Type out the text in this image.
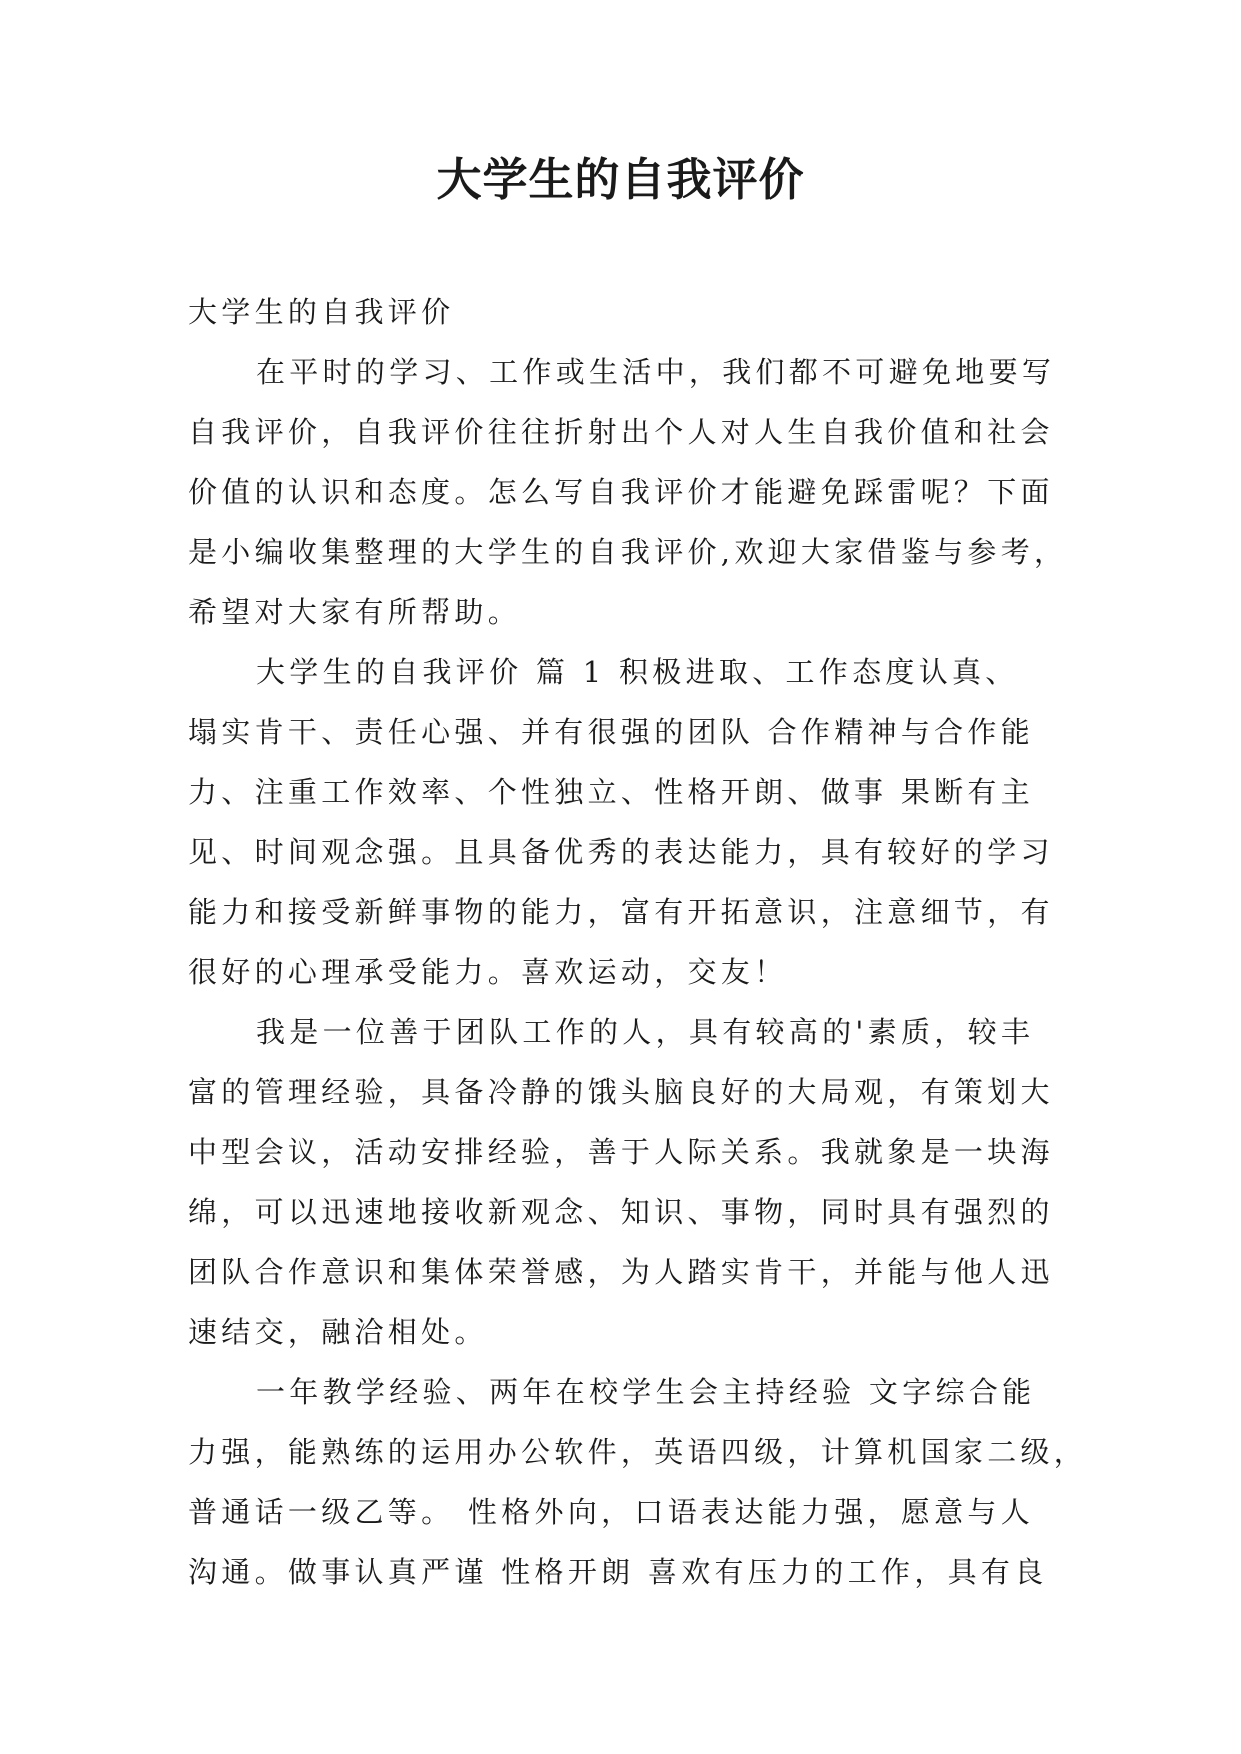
大学生的自我评价
大学生的自我评价
在平时的学习、工作或生活中，我们都不可避免地要写
自我评价，自我评价往往折射出个人对人生自我价值和社会
价值的认识和态度。怎么写自我评价才能避免踩雷呢？下面
是小编收集整理的大学生的自我评价,欢迎大家借鉴与参考，
希望对大家有所帮助。
大学生的自我评价 篇 1 积极进取、工作态度认真、
塌实肯干、责任心强、并有很强的团队 合作精神与合作能
力、注重工作效率、个性独立、性格开朗、做事 果断有主
见、时间观念强。且具备优秀的表达能力，具有较好的学习
能力和接受新鲜事物的能力，富有开拓意识，注意细节，有
很好的心理承受能力。喜欢运动，交友！
我是一位善于团队工作的人，具有较高的'素质，较丰
富的管理经验，具备冷静的饿头脑良好的大局观，有策划大
中型会议，活动安排经验，善于人际关系。我就象是一块海
绵，可以迅速地接收新观念、知识、事物，同时具有强烈的
团队合作意识和集体荣誉感，为人踏实肯干，并能与他人迅
速结交，融洽相处。
一年教学经验、两年在校学生会主持经验 文字综合能
力强，能熟练的运用办公软件，英语四级，计算机国家二级，
普通话一级乙等。 性格外向，口语表达能力强，愿意与人
沟通。做事认真严谨 性格开朗 喜欢有压力的工作，具有良
